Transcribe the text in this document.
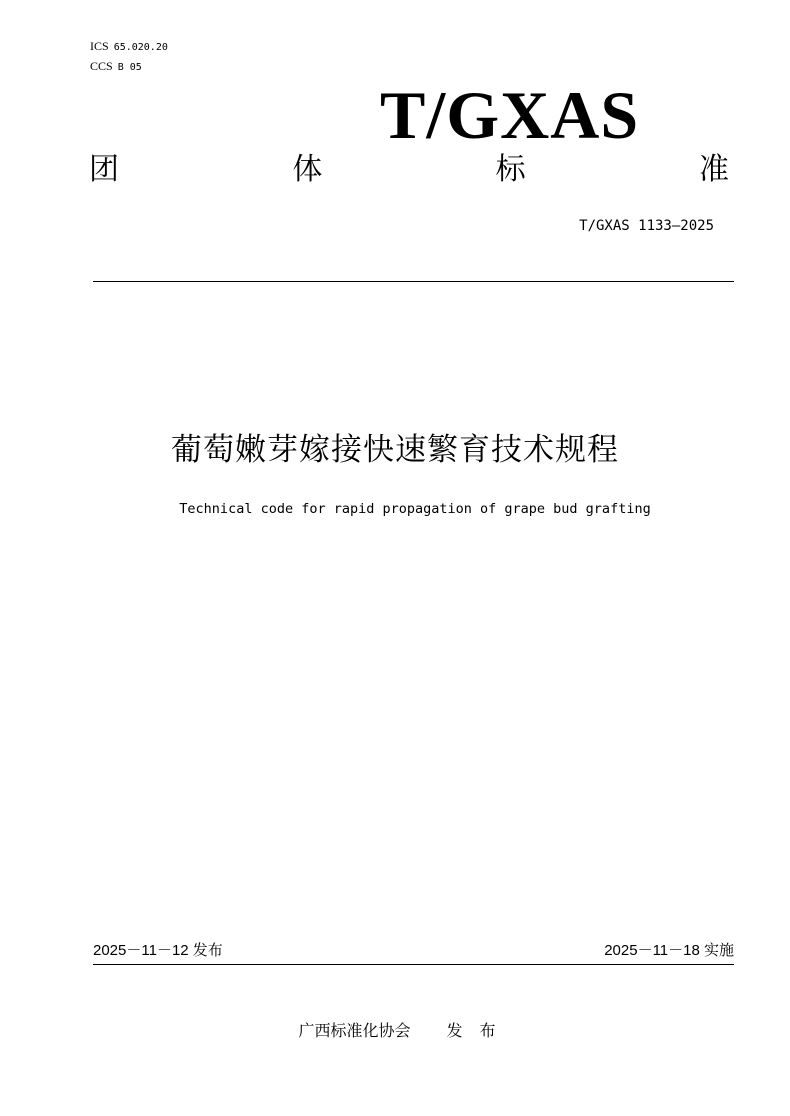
ICS 65.020.20
CCS B 05
T/GXAS
团	体	标	准
T/GXAS 1133—2025
葡萄嫩芽嫁接快速繁育技术规程
Technical code for rapid propagation of grape bud grafting
2025－11－12 发布	2025－11－18 实施
广西标准化协会 发 布
